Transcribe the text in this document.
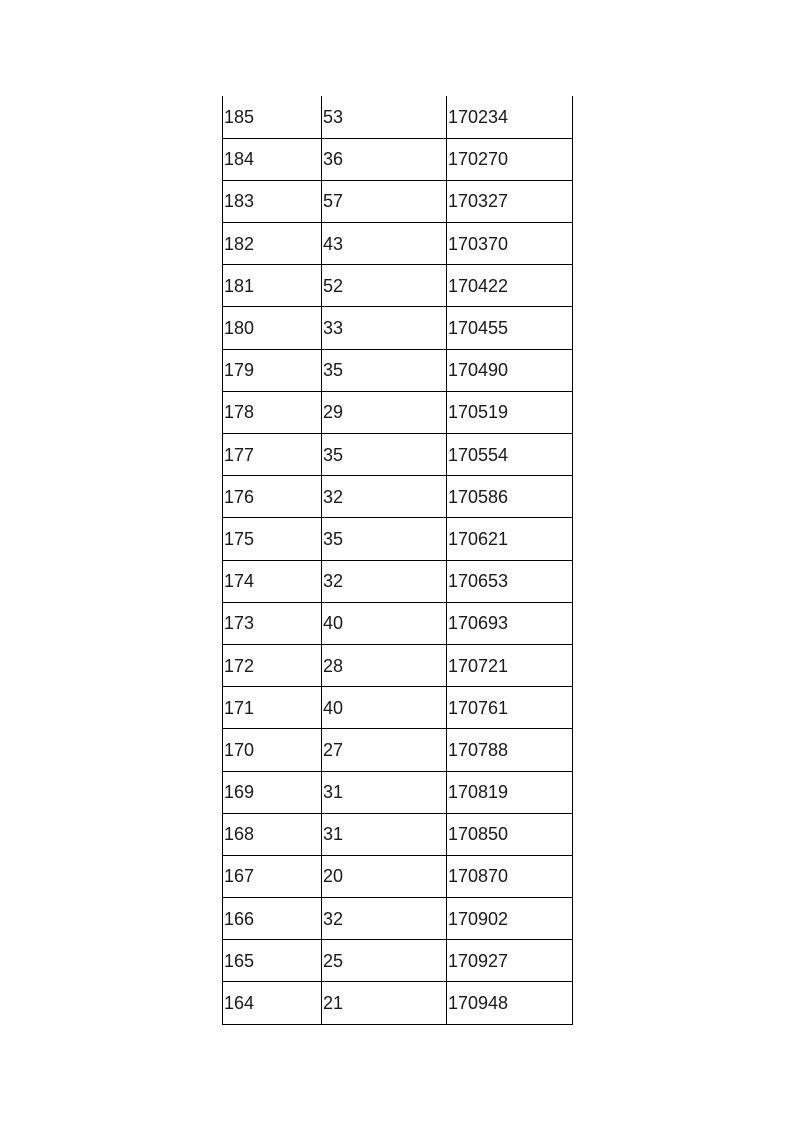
185	53	170234
184	36	170270
183	57	170327
182	43	170370
181	52	170422
180	33	170455
179	35	170490
178	29	170519
177	35	170554
176	32	170586
175	35	170621
174	32	170653
173	40	170693
172	28	170721
171	40	170761
170	27	170788
169	31	170819
168	31	170850
167	20	170870
166	32	170902
165	25	170927
164	21	170948
